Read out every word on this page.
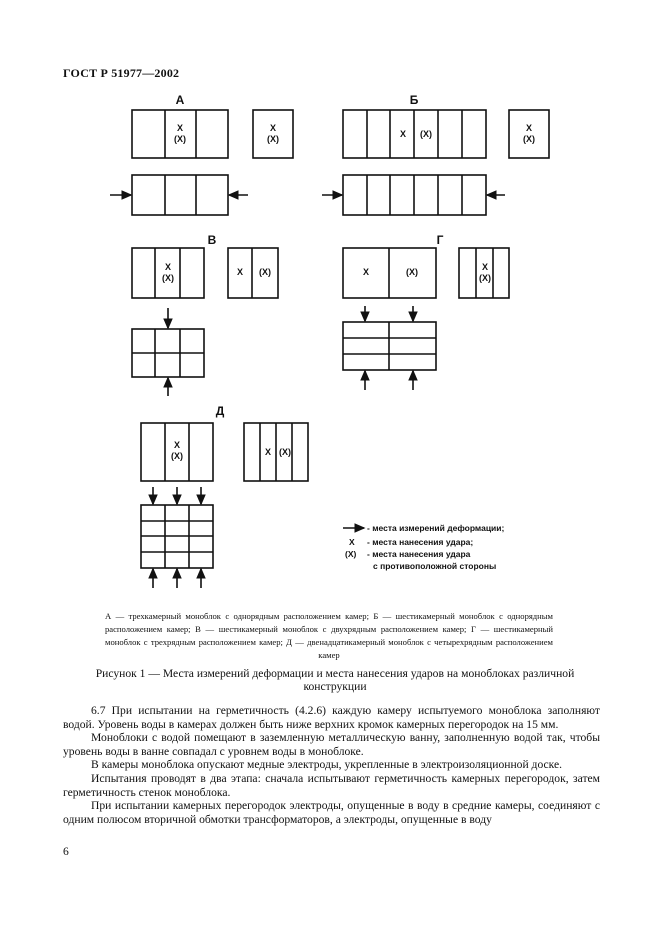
ГОСТ Р 51977—2002
А	Б
В	Г
Д
X
(X)
X
(X)	X (X)
X
(X)
X
(X)
X (X)	X	(X)	X
(X)
X
(X)	X (X)
- места измерений деформации;
X - места нанесения удара;
(X) - места нанесения удара
с противоположной стороны
А — трехкамерный моноблок с однорядным расположением камер; Б — шестикамерный моноблок с однорядным расположением камер; В — шестикамерный моноблок с двухрядным расположением камер; Г — шестикамерный моноблок с трехрядным расположением камер; Д — двенадцатикамерный моноблок с четырехрядным расположением камер
Рисунок 1 — Места измерений деформации и места нанесения ударов на моноблоках различной конструкции

6.7 При испытании на герметичность (4.2.6) каждую камеру испытуемого моноблока заполняют водой. Уровень воды в камерах должен быть ниже верхних кромок камерных перегородок на 15 мм.

Моноблоки с водой помещают в заземленную металлическую ванну, заполненную водой так, чтобы уровень воды в ванне совпадал с уровнем воды в моноблоке.

В камеры моноблока опускают медные электроды, укрепленные в электроизоляционной доске.

Испытания проводят в два этапа: сначала испытывают герметичность камерных перегородок, затем герметичность стенок моноблока.

При испытании камерных перегородок электроды, опущенные в воду в средние камеры, соединяют с одним полюсом вторичной обмотки трансформаторов, а электроды, опущенные в воду

6
